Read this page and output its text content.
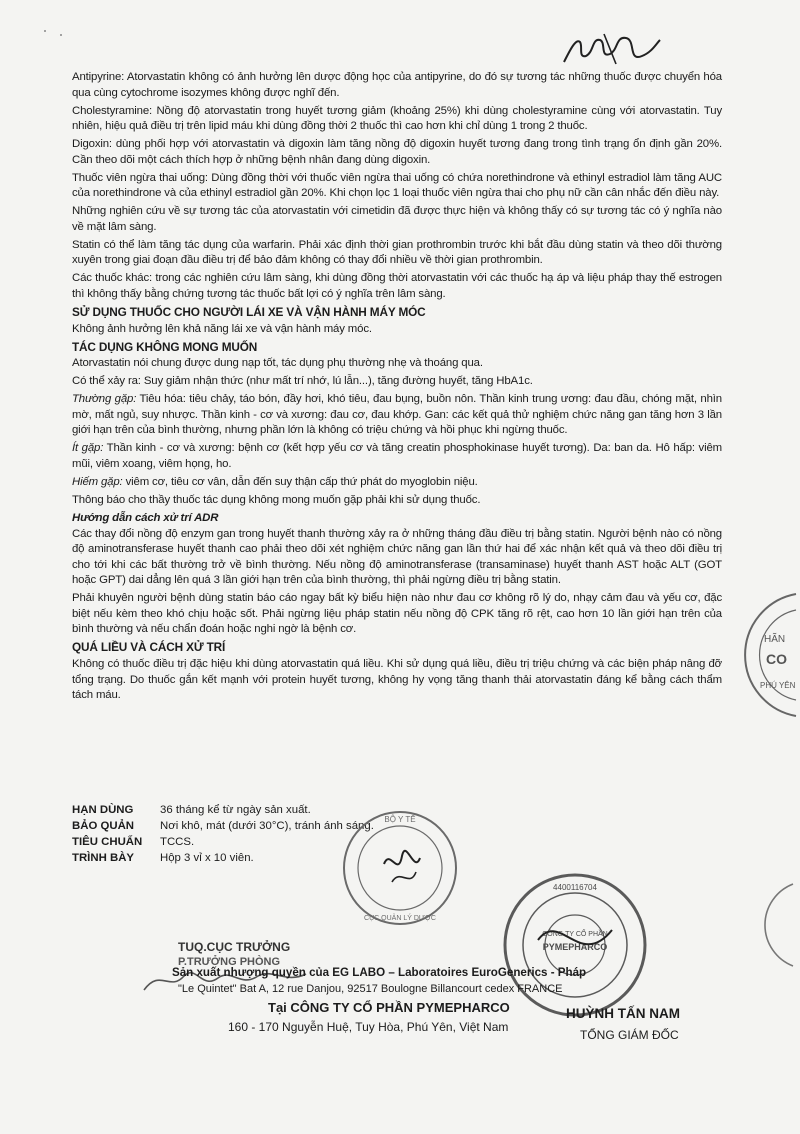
Antipyrine: Atorvastatin không có ảnh hưởng lên dược động học của antipyrine, do đó sự tương tác những thuốc được chuyển hóa qua cùng cytochrome isozymes không được nghĩ đến.

Cholestyramine: Nồng độ atorvastatin trong huyết tương giảm (khoảng 25%) khi dùng cholestyramine cùng với atorvastatin. Tuy nhiên, hiệu quả điều trị trên lipid máu khi dùng đồng thời 2 thuốc thì cao hơn khi chỉ dùng 1 trong 2 thuốc.

Digoxin: dùng phối hợp với atorvastatin và digoxin làm tăng nồng độ digoxin huyết tương đang trong tình trạng ổn định gần 20%. Cần theo dõi một cách thích hợp ở những bệnh nhân đang dùng digoxin.

Thuốc viên ngừa thai uống: Dùng đồng thời với thuốc viên ngừa thai uống có chứa norethindrone và ethinyl estradiol làm tăng AUC của norethindrone và của ethinyl estradiol gần 20%. Khi chọn lọc 1 loại thuốc viên ngừa thai cho phụ nữ cần cân nhắc đến điều này.

Những nghiên cứu về sự tương tác của atorvastatin với cimetidin đã được thực hiện và không thấy có sự tương tác có ý nghĩa nào về mặt lâm sàng.

Statin có thể làm tăng tác dụng của warfarin. Phải xác định thời gian prothrombin trước khi bắt đầu dùng statin và theo dõi thường xuyên trong giai đoạn đầu điều trị để bảo đảm không có thay đổi nhiều về thời gian prothrombin.

Các thuốc khác: trong các nghiên cứu lâm sàng, khi dùng đồng thời atorvastatin với các thuốc hạ áp và liệu pháp thay thế estrogen thì không thấy bằng chứng tương tác thuốc bất lợi có ý nghĩa trên lâm sàng.

SỬ DỤNG THUỐC CHO NGƯỜI LÁI XE VÀ VẬN HÀNH MÁY MÓC

Không ảnh hưởng lên khả năng lái xe và vận hành máy móc.

TÁC DỤNG KHÔNG MONG MUỐN

Atorvastatin nói chung được dung nạp tốt, tác dụng phụ thường nhẹ và thoáng qua.

Có thể xảy ra: Suy giảm nhận thức (như mất trí nhớ, lú lẫn...), tăng đường huyết, tăng HbA1c.

Thường gặp: Tiêu hóa: tiêu chảy, táo bón, đầy hơi, khó tiêu, đau bụng, buồn nôn. Thần kinh trung ương: đau đầu, chóng mặt, nhìn mờ, mất ngủ, suy nhược. Thần kinh - cơ và xương: đau cơ, đau khớp. Gan: các kết quả thử nghiệm chức năng gan tăng hơn 3 lần giới hạn trên của bình thường, nhưng phần lớn là không có triệu chứng và hồi phục khi ngừng thuốc.

Ít gặp: Thần kinh - cơ và xương: bệnh cơ (kết hợp yếu cơ và tăng creatin phosphokinase huyết tương). Da: ban da. Hô hấp: viêm mũi, viêm xoang, viêm họng, ho.

Hiếm gặp: viêm cơ, tiêu cơ vân, dẫn đến suy thận cấp thứ phát do myoglobin niệu.

Thông báo cho thầy thuốc tác dụng không mong muốn gặp phải khi sử dụng thuốc.

Hướng dẫn cách xử trí ADR

Các thay đổi nồng độ enzym gan trong huyết thanh thường xảy ra ở những tháng đầu điều trị bằng statin. Người bệnh nào có nồng độ aminotransferase huyết thanh cao phải theo dõi xét nghiệm chức năng gan lần thứ hai để xác nhận kết quả và theo dõi điều trị cho tới khi các bất thường trở về bình thường. Nếu nồng độ aminotransferase (transaminase) huyết thanh AST hoặc ALT (GOT hoặc GPT) dai dẳng lên quá 3 lần giới hạn trên của bình thường, thì phải ngừng điều trị bằng statin.

Phải khuyên người bệnh dùng statin báo cáo ngay bất kỳ biểu hiện nào như đau cơ không rõ lý do, nhạy cảm đau và yếu cơ, đặc biệt nếu kèm theo khó chịu hoặc sốt. Phải ngừng liệu pháp statin nếu nồng độ CPK tăng rõ rệt, cao hơn 10 lần giới hạn trên của bình thường và nếu chẩn đoán hoặc nghi ngờ là bệnh cơ.

QUÁ LIỀU VÀ CÁCH XỬ TRÍ

Không có thuốc điều trị đặc hiệu khi dùng atorvastatin quá liều. Khi sử dụng quá liều, điều trị triệu chứng và các biện pháp nâng đỡ tổng trạng. Do thuốc gắn kết mạnh với protein huyết tương, không hy vọng tăng thanh thải atorvastatin đáng kể bằng cách thẩm tách máu.

HẠN DÙNG	36 tháng kể từ ngày sản xuất.
BẢO QUẢN	Nơi khô, mát (dưới 30°C), tránh ánh sáng.
TIÊU CHUẨN	TCCS.
TRÌNH BÀY	Hộp 3 vỉ x 10 viên.
BỘ Y TẾ
CỤC QUẢN LÝ DƯỢC
4400116704
CÔNG TY CỔ PHẦN
PYMEPHARCO
HÃN
CO
PHÚ YÊN
TUQ.CỤC TRƯỞNG
P.TRƯỞNG PHÒNG
Sản xuất nhượng quyền của EG LABO – Laboratoires EuroGenerics - Pháp
"Le Quintet" Bat A, 12 rue Danjou, 92517 Boulogne Billancourt cedex FRANCE
Tại CÔNG TY CỔ PHẦN PYMEPHARCO
160 - 170 Nguyễn Huệ, Tuy Hòa, Phú Yên, Việt Nam
HUỲNH TẤN NAM
TỔNG GIÁM ĐỐC
